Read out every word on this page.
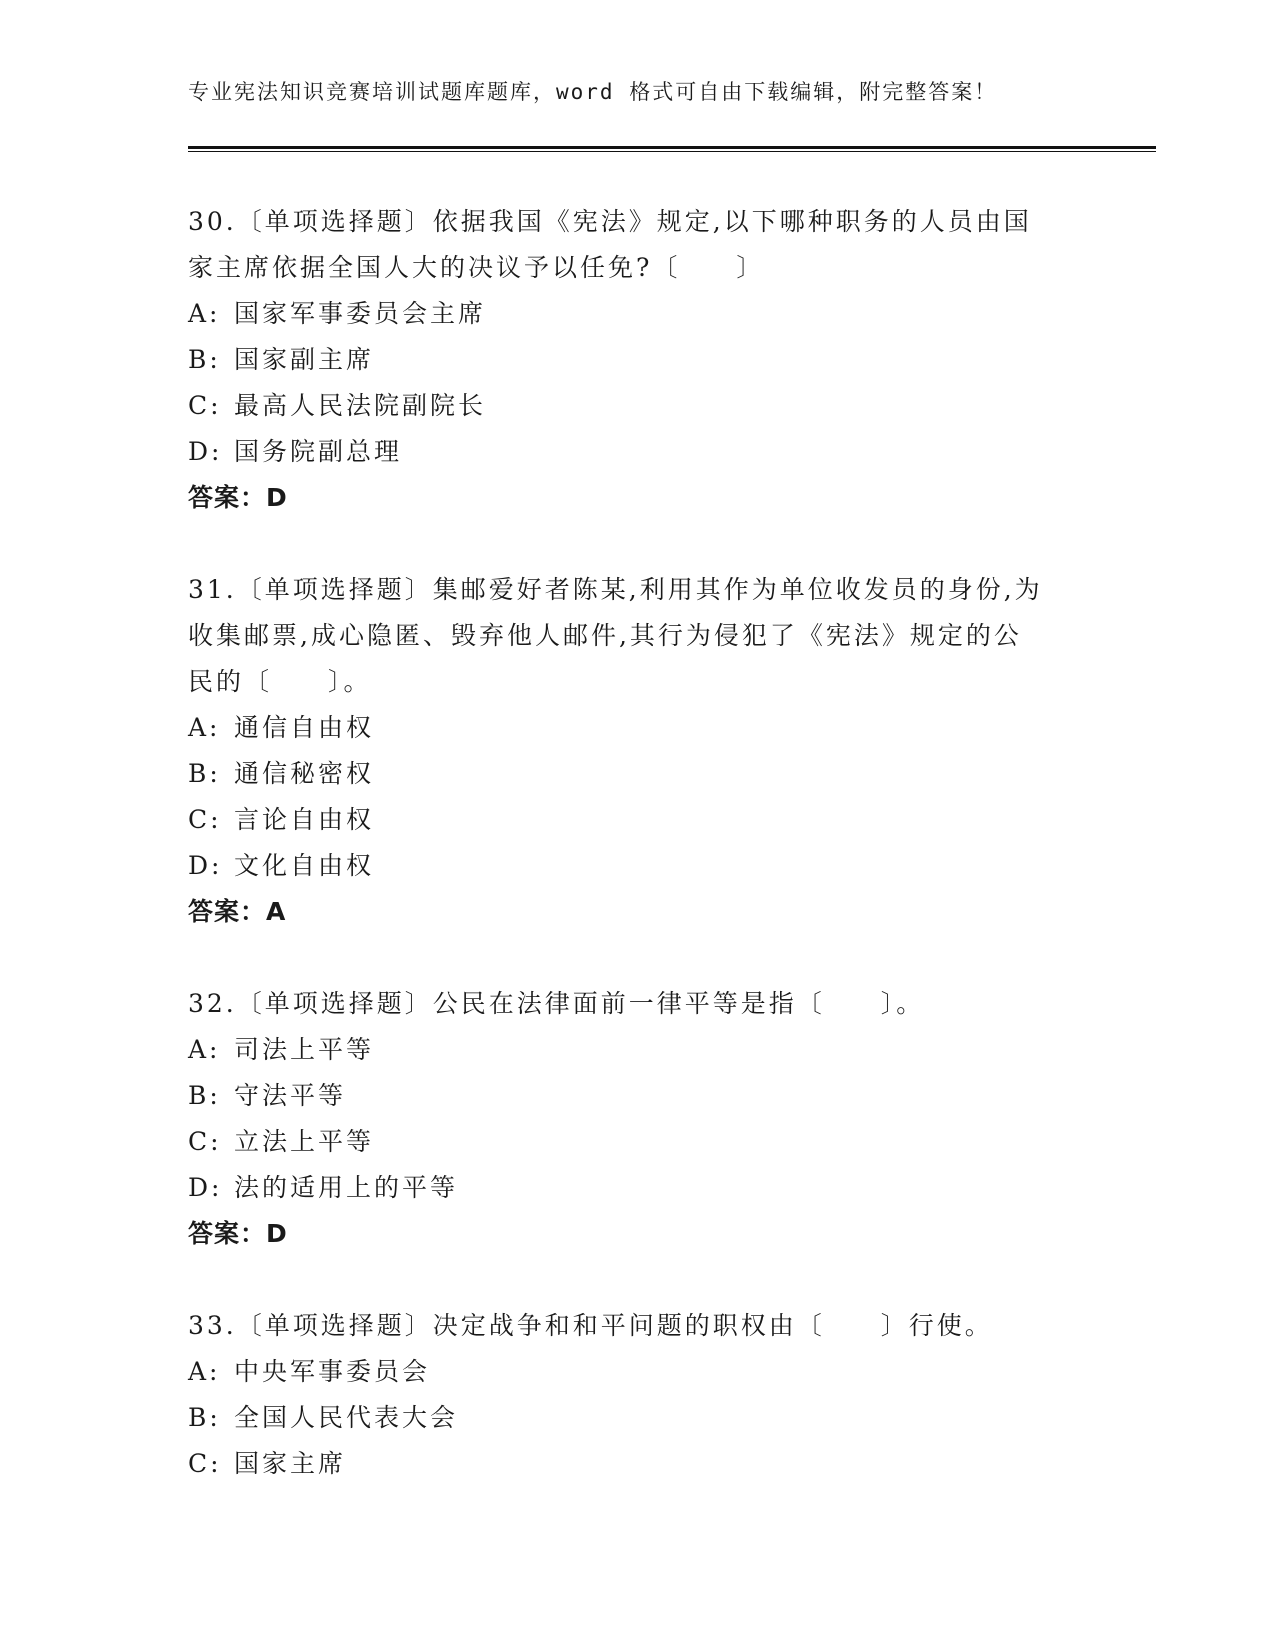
专业宪法知识竞赛培训试题库题库，word 格式可自由下载编辑，附完整答案！
30.〔单项选择题〕依据我国《宪法》规定,以下哪种职务的人员由国
家主席依据全国人大的决议予以任免?〔　　〕
A: 国家军事委员会主席
B: 国家副主席
C: 最高人民法院副院长
D: 国务院副总理
答案：D
31.〔单项选择题〕集邮爱好者陈某,利用其作为单位收发员的身份,为
收集邮票,成心隐匿、毁弃他人邮件,其行为侵犯了《宪法》规定的公
民的〔　　〕。
A: 通信自由权
B: 通信秘密权
C: 言论自由权
D: 文化自由权
答案：A
32.〔单项选择题〕公民在法律面前一律平等是指〔　　〕。
A: 司法上平等
B: 守法平等
C: 立法上平等
D: 法的适用上的平等
答案：D
33.〔单项选择题〕决定战争和和平问题的职权由〔　　〕行使。
A: 中央军事委员会
B: 全国人民代表大会
C: 国家主席
